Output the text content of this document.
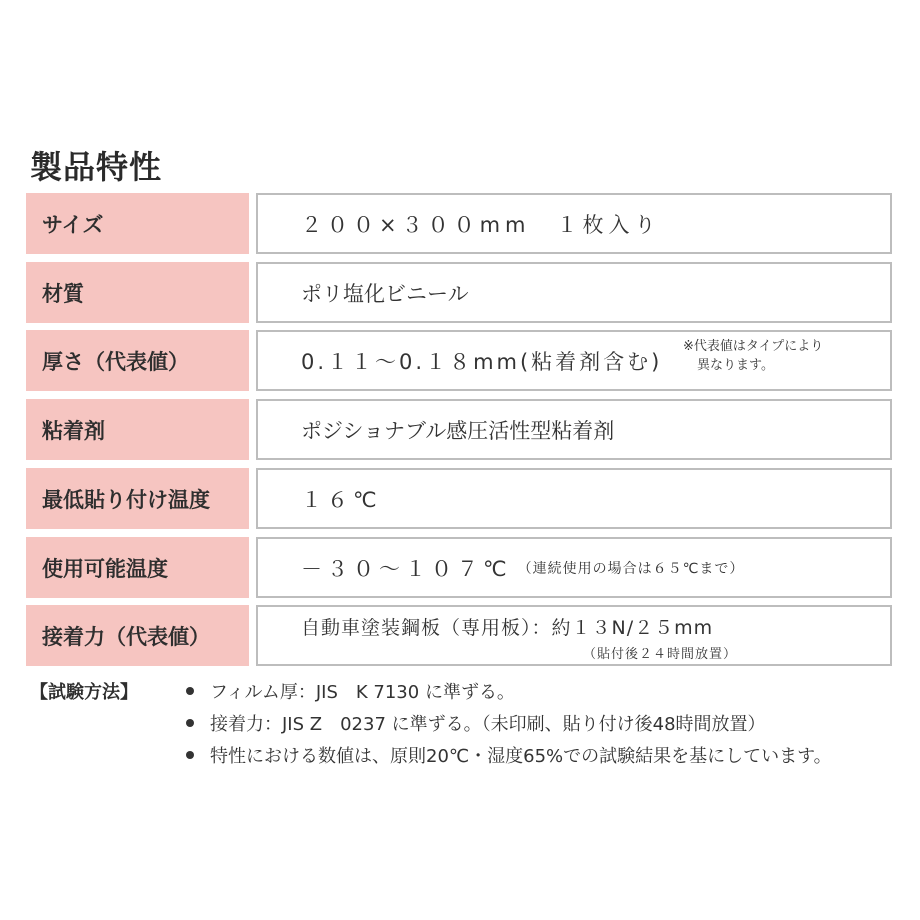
製品特性
サイズ	２００×３００mm　１枚入り
材質	ポリ塩化ビニール
厚さ（代表値）	0.１１～0.１８mm(粘着剤含む)
※代表値はタイプにより
異なります。
粘着剤	ポジショナブル感圧活性型粘着剤
最低貼り付け温度	１６℃
使用可能温度	－３０～１０７℃ （連続使用の場合は６５℃まで）
接着力（代表値）	自動車塗装鋼板（専用板）：約１３N/２５mm
（貼付後２４時間放置）
【試験方法】	フィルム厚：JIS　K 7130 に準ずる。
接着力：JIS Z　0237 に準ずる。（未印刷、貼り付け後48時間放置）
特性における数値は、原則20℃・湿度65%での試験結果を基にしています。
